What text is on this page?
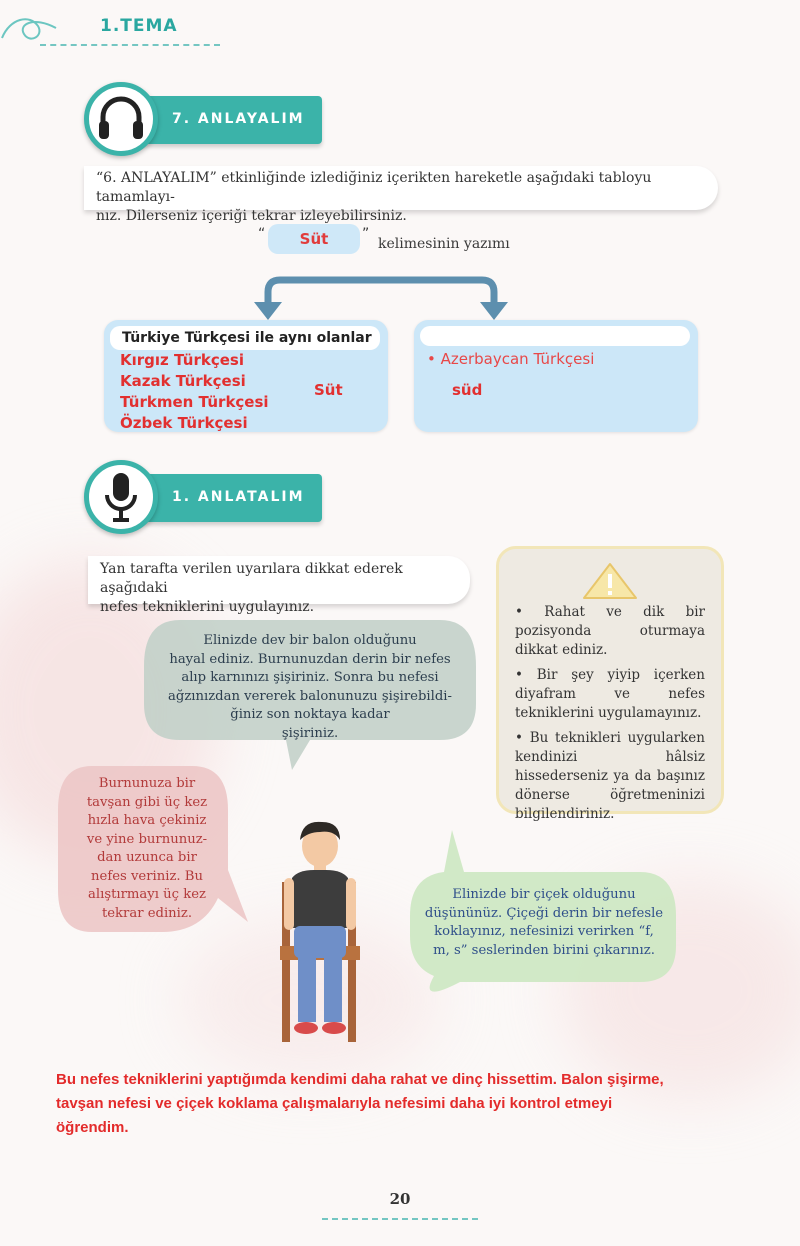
1.TEMA
7. ANLAYALIM
“6. ANLAYALIM” etkinliğinde izlediğiniz içerikten hareketle aşağıdaki tabloyu tamamlayı-
nız. Dilerseniz içeriği tekrar izleyebilirsiniz.
“	Süt	”
kelimesinin yazımı
Türkiye Türkçesi ile aynı olanlar
Kırgız Türkçesi
Kazak Türkçesi
Türkmen Türkçesi
Özbek Türkçesi
Süt
• Azerbaycan Türkçesi
süd
1. ANLATALIM
Yan tarafta verilen uyarılara dikkat ederek aşağıdaki
nefes tekniklerini uygulayınız.
Elinizde dev bir balon olduğunu
hayal ediniz. Burnunuzdan derin bir nefes
alıp karnınızı şişiriniz. Sonra bu nefesi
ağzınızdan vererek balonunuzu şişirebildi-
ğiniz son noktaya kadar
şişiriniz.
Burnunuza bir
tavşan gibi üç kez
hızla hava çekiniz
ve yine burnunuz-
dan uzunca bir
nefes veriniz. Bu
alıştırmayı üç kez
tekrar ediniz.
Elinizde bir çiçek olduğunu
düşününüz. Çiçeği derin bir nefesle
koklayınız, nefesinizi verirken “f,
m, s” seslerinden birini çıkarınız.
• Rahat ve dik bir pozisyonda oturmaya dikkat ediniz.
• Bir şey yiyip içerken diyafram ve nefes tekniklerini uygulamayınız.
• Bu teknikleri uygularken kendinizi hâlsiz hissederseniz ya da başınız dönerse öğretmeninizi bilgilendiriniz.
Bu nefes tekniklerini yaptığımda kendimi daha rahat ve dinç hissettim. Balon şişirme,
tavşan nefesi ve çiçek koklama çalışmalarıyla nefesimi daha iyi kontrol etmeyi
öğrendim.
20
